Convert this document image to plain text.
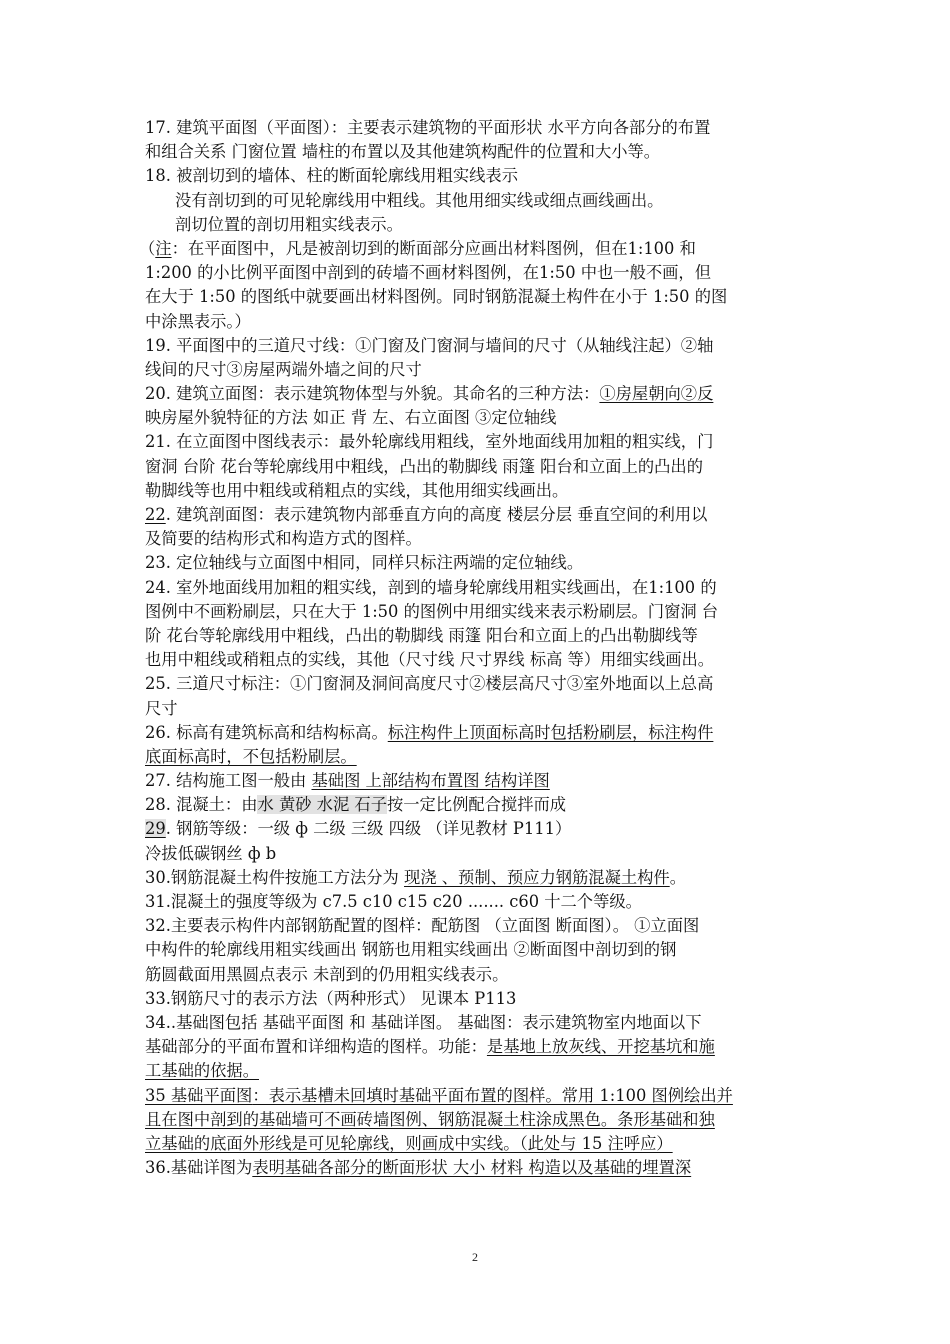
17. 建筑平面图（平面图）：主要表示建筑物的平面形状 水平方向各部分的布置
和组合关系 门窗位置 墙柱的布置以及其他建筑构配件的位置和大小等。
18. 被剖切到的墙体、柱的断面轮廓线用粗实线表示
没有剖切到的可见轮廓线用中粗线。其他用细实线或细点画线画出。
剖切位置的剖切用粗实线表示。
（注：在平面图中，凡是被剖切到的断面部分应画出材料图例，但在1:100 和
1:200 的小比例平面图中剖到的砖墙不画材料图例，在1:50 中也一般不画，但
在大于 1:50 的图纸中就要画出材料图例。同时钢筋混凝土构件在小于 1:50 的图
中涂黑表示。）
19. 平面图中的三道尺寸线：①门窗及门窗洞与墙间的尺寸（从轴线注起）②轴
线间的尺寸③房屋两端外墙之间的尺寸
20. 建筑立面图：表示建筑物体型与外貌。其命名的三种方法：①房屋朝向②反
映房屋外貌特征的方法 如正 背 左、右立面图 ③定位轴线
21. 在立面图中图线表示：最外轮廓线用粗线，室外地面线用加粗的粗实线，门
窗洞 台阶 花台等轮廓线用中粗线，凸出的勒脚线 雨篷 阳台和立面上的凸出的
勒脚线等也用中粗线或稍粗点的实线，其他用细实线画出。
22. 建筑剖面图：表示建筑物内部垂直方向的高度 楼层分层 垂直空间的利用以
及简要的结构形式和构造方式的图样。
23. 定位轴线与立面图中相同，同样只标注两端的定位轴线。
24. 室外地面线用加粗的粗实线，剖到的墙身轮廓线用粗实线画出，在1:100 的
图例中不画粉刷层，只在大于 1:50 的图例中用细实线来表示粉刷层。门窗洞 台
阶 花台等轮廓线用中粗线，凸出的勒脚线 雨篷 阳台和立面上的凸出勒脚线等
也用中粗线或稍粗点的实线，其他（尺寸线 尺寸界线 标高 等）用细实线画出。
25. 三道尺寸标注：①门窗洞及洞间高度尺寸②楼层高尺寸③室外地面以上总高
尺寸
26. 标高有建筑标高和结构标高。标注构件上顶面标高时包括粉刷层，标注构件
底面标高时，不包括粉刷层。
27. 结构施工图一般由 基础图 上部结构布置图 结构详图
28. 混凝土：由水 黄砂 水泥 石子按一定比例配合搅拌而成
29. 钢筋等级：一级 ф 二级 三级 四级 （详见教材 P111）
冷拔低碳钢丝 ф b
30.钢筋混凝土构件按施工方法分为 现浇 、预制、预应力钢筋混凝土构件。
31.混凝土的强度等级为 c7.5 c10 c15 c20 ....... c60 十二个等级。
32.主要表示构件内部钢筋配置的图样：配筋图 （立面图 断面图）。 ①立面图
中构件的轮廓线用粗实线画出 钢筋也用粗实线画出 ②断面图中剖切到的钢
筋圆截面用黑圆点表示 未剖到的仍用粗实线表示。
33.钢筋尺寸的表示方法（两种形式） 见课本 P113
34..基础图包括 基础平面图 和 基础详图。 基础图：表示建筑物室内地面以下
基础部分的平面布置和详细构造的图样。功能：是基地上放灰线、开挖基坑和施
工基础的依据。
35 基础平面图：表示基槽未回填时基础平面布置的图样。常用 1:100 图例绘出并
且在图中剖到的基础墙可不画砖墙图例、钢筋混凝土柱涂成黑色。条形基础和独
立基础的底面外形线是可见轮廓线，则画成中实线。（此处与 15 注呼应）
36.基础详图为表明基础各部分的断面形状 大小 材料 构造以及基础的埋置深
2
